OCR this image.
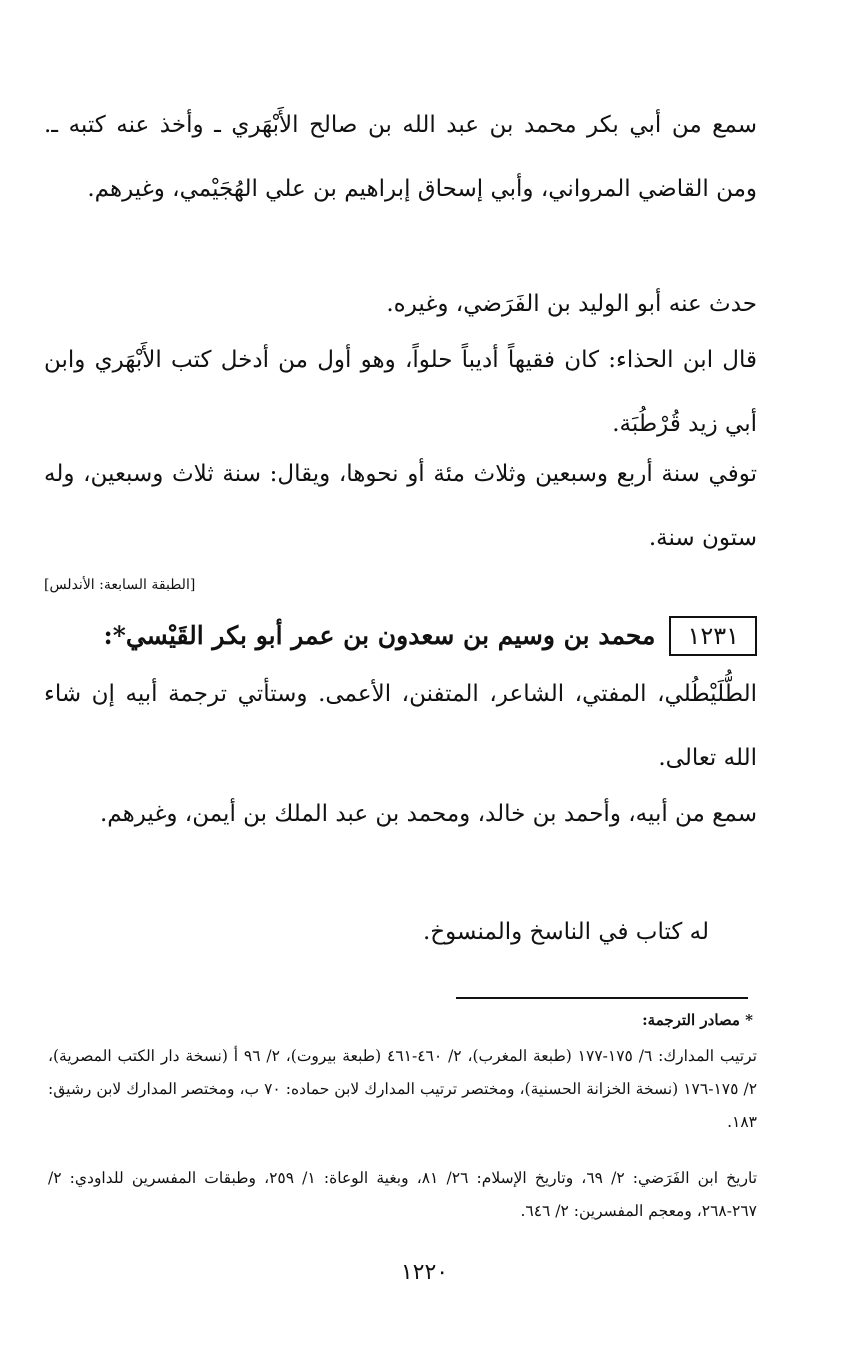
سمع من أبي بكر محمد بن عبد الله بن صالح الأَبْهَري ـ وأخذ عنه كتبه ـ. ومن القاضي المرواني، وأبي إسحاق إبراهيم بن علي الهُجَيْمي، وغيرهم.

حدث عنه أبو الوليد بن الفَرَضي، وغيره.

قال ابن الحذاء: كان فقيهاً أديباً حلواً، وهو أول من أدخل كتب الأَبْهَري وابن أبي زيد قُرْطُبَة.

توفي سنة أربع وسبعين وثلاث مئة أو نحوها، ويقال: سنة ثلاث وسبعين، وله ستون سنة.

[الطبقة السابعة: الأندلس]
١٢٣١
محمد بن وسيم بن سعدون بن عمر أبو بكر القَيْسي*:

الطُّلَيْطُلي، المفتي، الشاعر، المتفنن، الأعمى. وستأتي ترجمة أبيه إن شاء الله تعالى.

سمع من أبيه، وأحمد بن خالد، ومحمد بن عبد الملك بن أيمن، وغيرهم.

له كتاب في الناسخ والمنسوخ.

* مصادر الترجمة:

ترتيب المدارك: ٦/ ١٧٥-١٧٧ (طبعة المغرب)، ٢/ ٤٦٠-٤٦١ (طبعة بيروت)، ٢/ ٩٦ أ (نسخة دار الكتب المصرية)، ٢/ ١٧٥-١٧٦ (نسخة الخزانة الحسنية)، ومختصر ترتيب المدارك لابن حماده: ٧٠ ب، ومختصر المدارك لابن رشيق: ١٨٣.

تاريخ ابن الفَرَضي: ٢/ ٦٩، وتاريخ الإسلام: ٢٦/ ٨١، وبغية الوعاة: ١/ ٢٥٩، وطبقات المفسرين للداودي: ٢/ ٢٦٧-٢٦٨، ومعجم المفسرين: ٢/ ٦٤٦.

١٢٢٠
